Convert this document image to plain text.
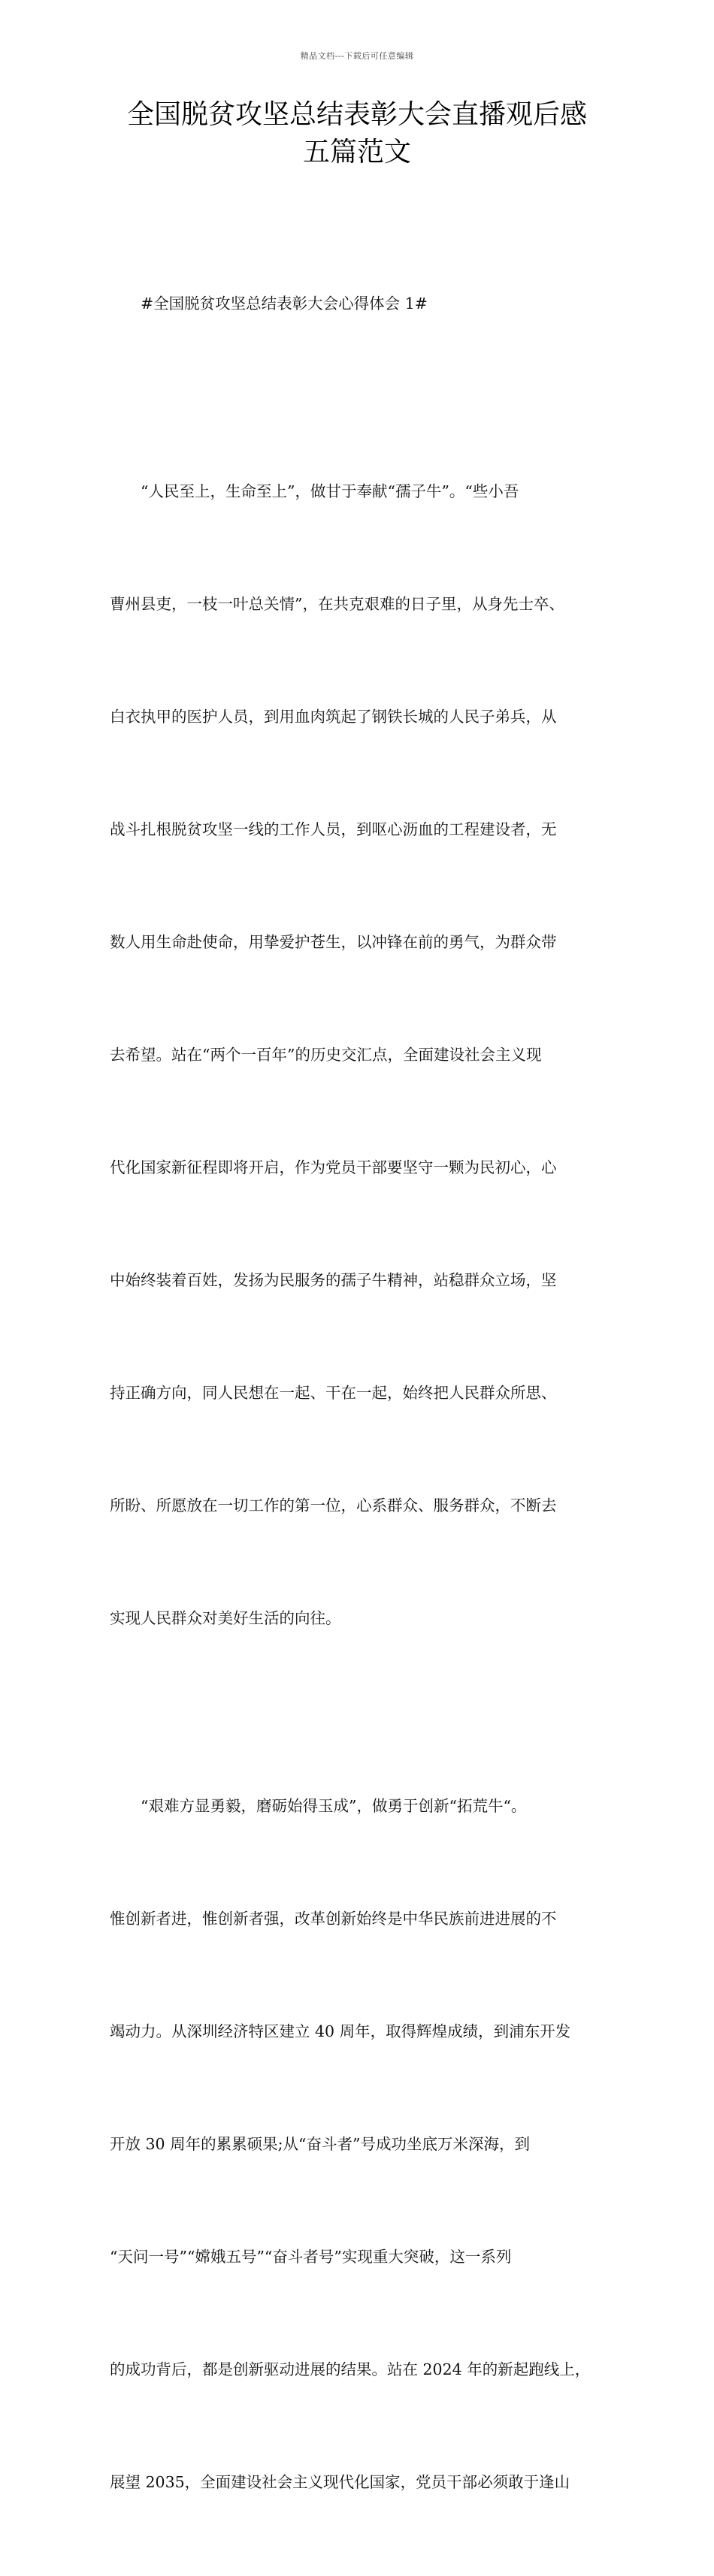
精品文档---下载后可任意编辑
全国脱贫攻坚总结表彰大会直播观后感
五篇范文

#全国脱贫攻坚总结表彰大会心得体会 1#

“人民至上，生命至上”，做甘于奉献“孺子牛”。“些小吾

曹州县吏，一枝一叶总关情”，在共克艰难的日子里，从身先士卒、

白衣执甲的医护人员，到用血肉筑起了钢铁长城的人民子弟兵，从

战斗扎根脱贫攻坚一线的工作人员，到呕心沥血的工程建设者，无

数人用生命赴使命，用挚爱护苍生，以冲锋在前的勇气，为群众带

去希望。站在“两个一百年”的历史交汇点，全面建设社会主义现

代化国家新征程即将开启，作为党员干部要坚守一颗为民初心，心

中始终装着百姓，发扬为民服务的孺子牛精神，站稳群众立场，坚

持正确方向，同人民想在一起、干在一起，始终把人民群众所思、

所盼、所愿放在一切工作的第一位，心系群众、服务群众，不断去

实现人民群众对美好生活的向往。

“艰难方显勇毅，磨砺始得玉成”，做勇于创新“拓荒牛“。

惟创新者进，惟创新者强，改革创新始终是中华民族前进进展的不

竭动力。从深圳经济特区建立 40 周年，取得辉煌成绩，到浦东开发

开放 30 周年的累累硕果;从“奋斗者”号成功坐底万米深海，到

“天问一号”“嫦娥五号”“奋斗者号”实现重大突破，这一系列

的成功背后，都是创新驱动进展的结果。站在 2024 年的新起跑线上，

展望 2035，全面建设社会主义现代化国家，党员干部必须敢于逢山
